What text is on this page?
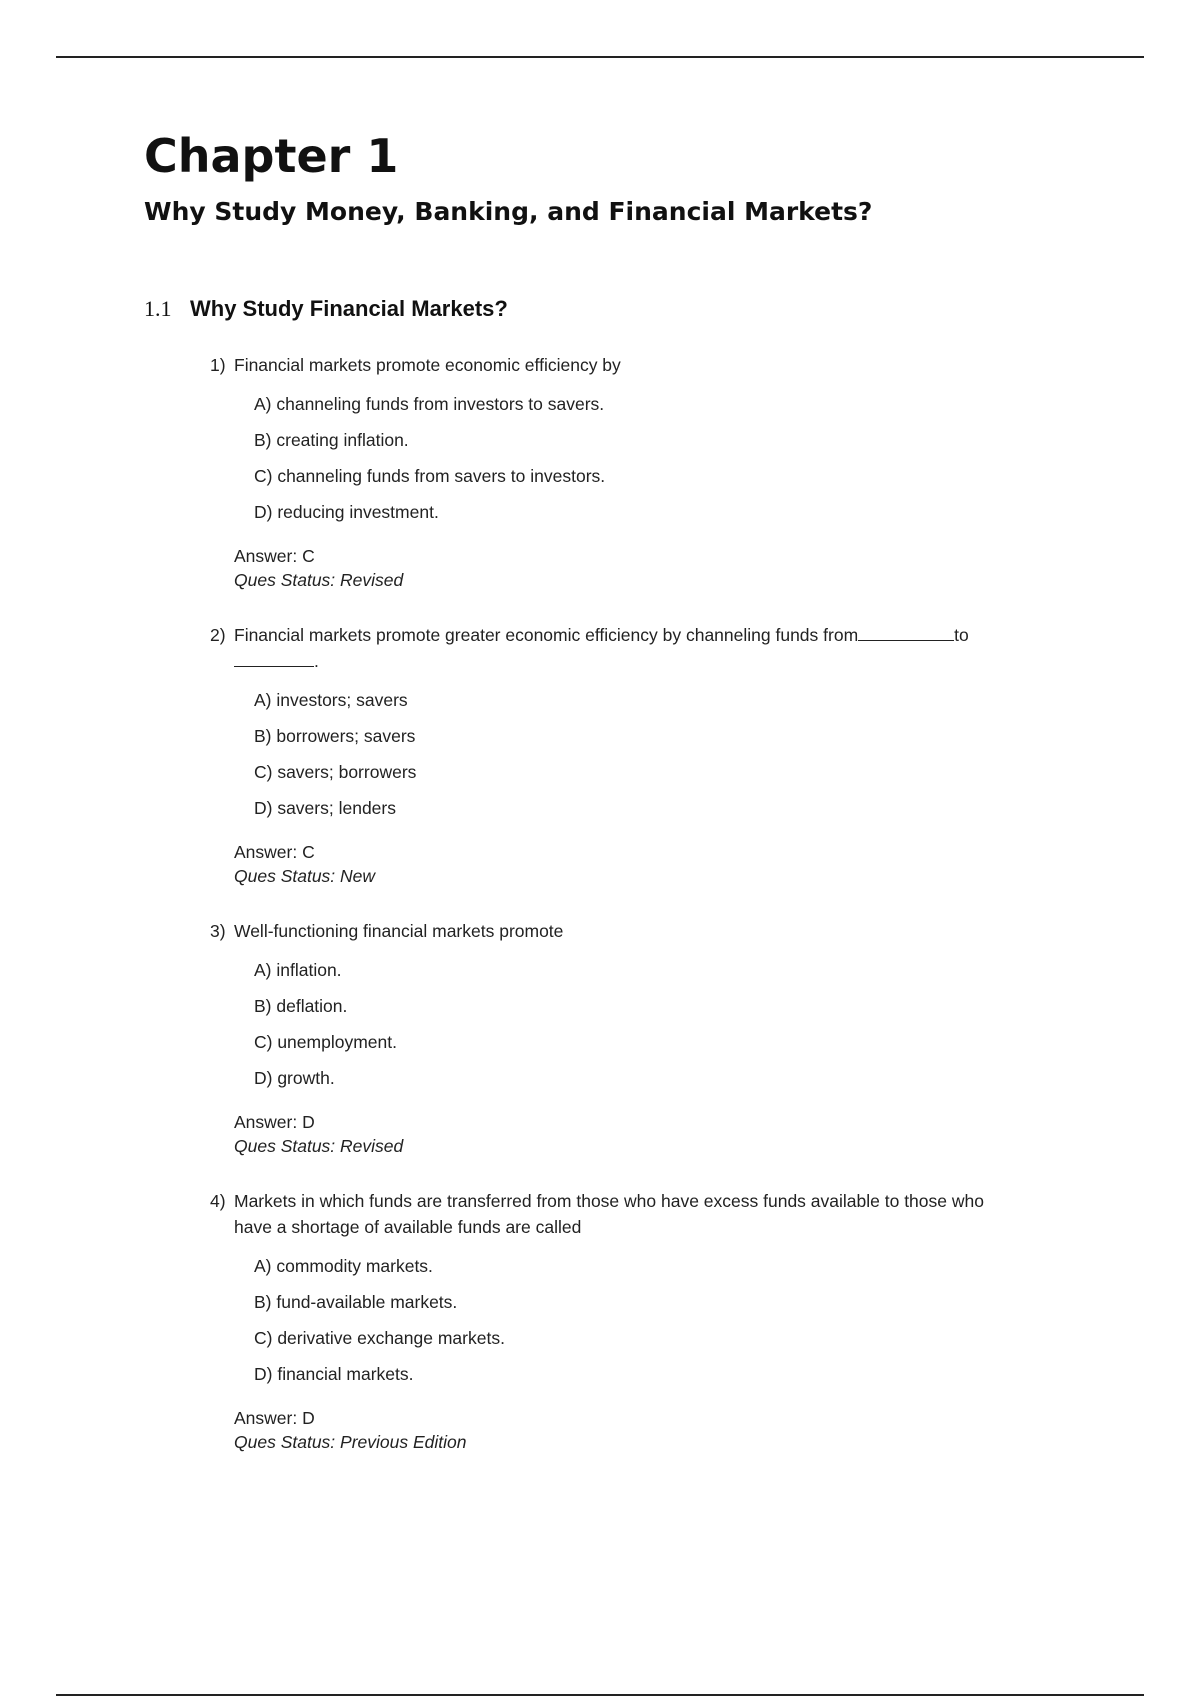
Chapter 1
Why Study Money, Banking, and Financial Markets?
1.1 Why Study Financial Markets?
1) Financial markets promote economic efficiency by
A) channeling funds from investors to savers.
B) creating inflation.
C) channeling funds from savers to investors.
D) reducing investment.
Answer: C
Ques Status: Revised
2) Financial markets promote greater economic efficiency by channeling funds from	to
.
A) investors; savers
B) borrowers; savers
C) savers; borrowers
D) savers; lenders
Answer: C
Ques Status: New
3) Well-functioning financial markets promote
A) inflation.
B) deflation.
C) unemployment.
D) growth.
Answer: D
Ques Status: Revised
4) Markets in which funds are transferred from those who have excess funds available to those who have a shortage of available funds are called
A) commodity markets.
B) fund-available markets.
C) derivative exchange markets.
D) financial markets.
Answer: D
Ques Status: Previous Edition
